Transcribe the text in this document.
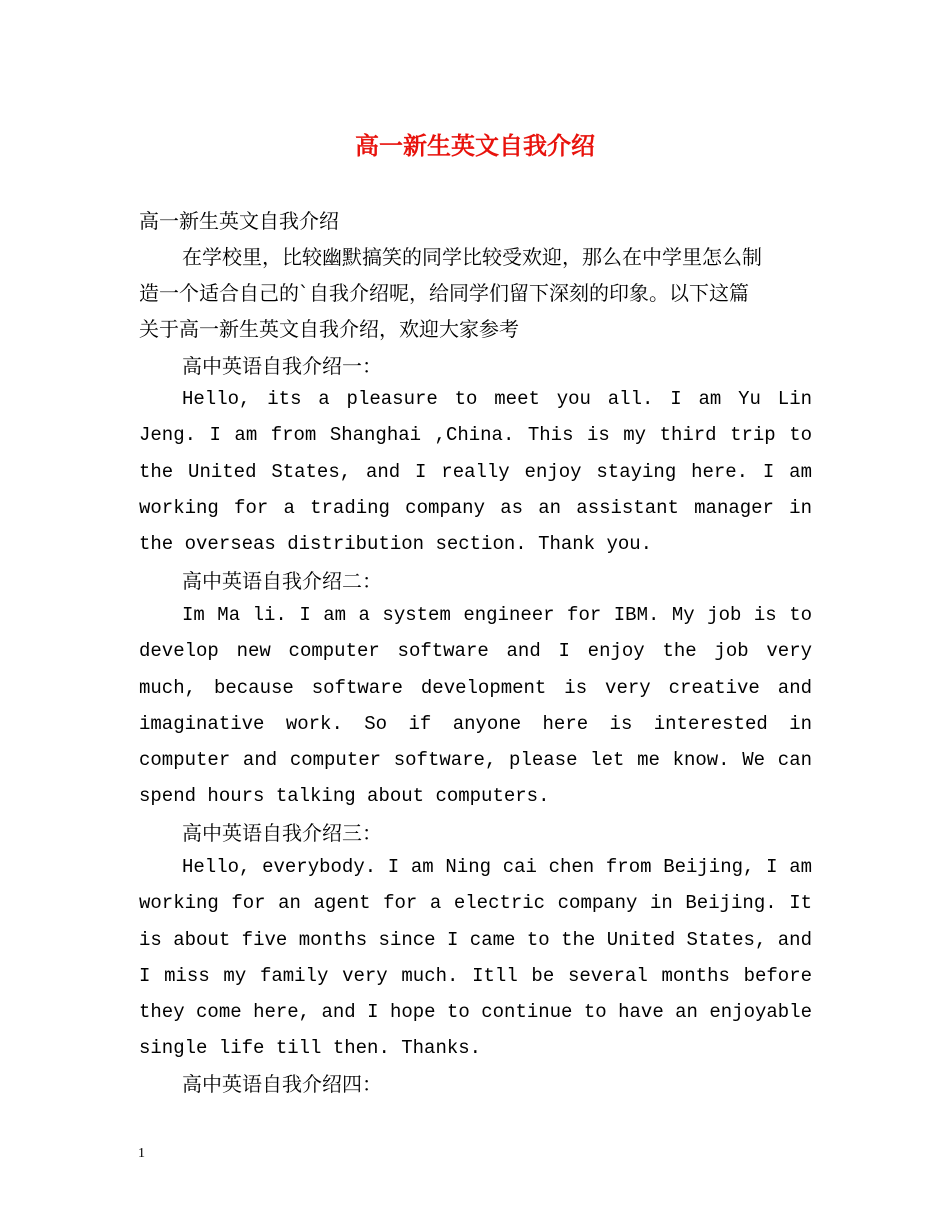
高一新生英文自我介绍
高一新生英文自我介绍
在学校里，比较幽默搞笑的同学比较受欢迎，那么在中学里怎么制
造一个适合自己的`自我介绍呢，给同学们留下深刻的印象。以下这篇
关于高一新生英文自我介绍，欢迎大家参考
高中英语自我介绍一：
Hello, its a pleasure to meet you all. I am Yu Lin Jeng. I am from Shanghai ,China. This is my third trip to the United States, and I really enjoy staying here. I am working for a trading company as an assistant manager in the overseas distribution section. Thank you.
高中英语自我介绍二：
Im Ma li. I am a system engineer for IBM. My job is to develop new computer software and I enjoy the job very much, because software development is very creative and imaginative work. So if anyone here is interested in computer and computer software, please let me know. We can spend hours talking about computers.
高中英语自我介绍三：
Hello, everybody. I am Ning cai chen from Beijing, I am working for an agent for a electric company in Beijing. It is about five months since I came to the United States, and I miss my family very much. Itll be several months before they come here, and I hope to continue to have an enjoyable single life till then. Thanks.
高中英语自我介绍四：
1
